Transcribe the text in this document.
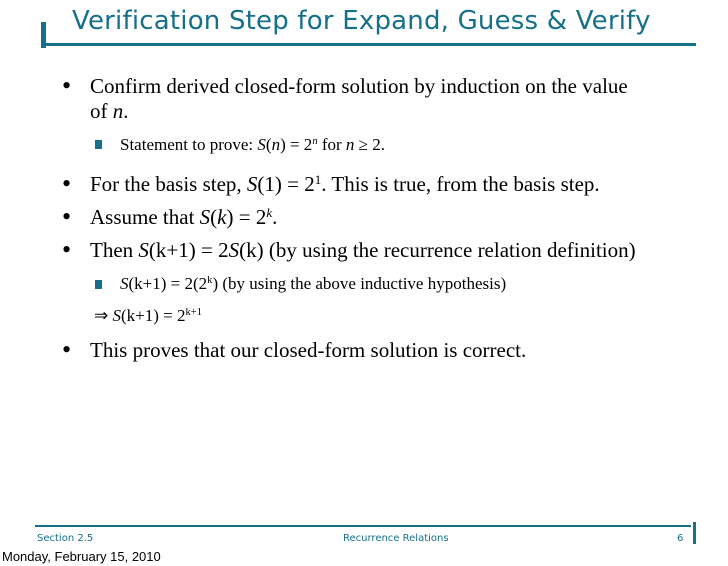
Verification Step for Expand, Guess & Verify
• Confirm derived closed-form solution by induction on the value
of n.
Statement to prove: $S(n) = 2^n$ for n ≥ 2.
• For the basis step, $S(1) = 2^1$. This is true, from the basis step.
• Assume that $S(k) = 2^k$.
• Then S(k+1) = 2S(k) (by using the recurrence relation definition)
$S(k+1) = 2(2^k)$ (by using the above inductive hypothesis)
⇒ $S(k+1) = 2^{k+1}$
• This proves that our closed-form solution is correct.
Section 2.5	Recurrence Relations	6
Monday, February 15, 2010
